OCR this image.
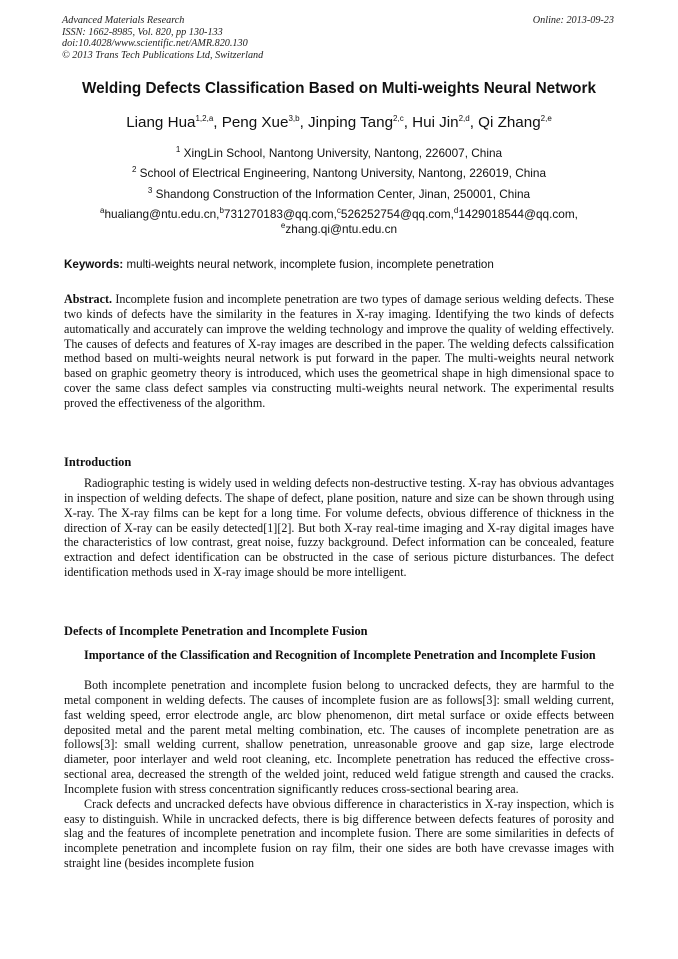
Advanced Materials Research
ISSN: 1662-8985, Vol. 820, pp 130-133
doi:10.4028/www.scientific.net/AMR.820.130
© 2013 Trans Tech Publications Ltd, Switzerland
Online: 2013-09-23
Welding Defects Classification Based on Multi-weights Neural Network
Liang Hua$^{1,2,a}$, Peng Xue$^{3,b}$, Jinping Tang$^{2,c}$, Hui Jin$^{2,d}$, Qi Zhang$^{2,e}$
$^1$ XingLin School, Nantong University, Nantong, 226007, China
$^2$ School of Electrical Engineering, Nantong University, Nantong, 226019, China
$^3$ Shandong Construction of the Information Center, Jinan, 250001, China
$^a$hualiang@ntu.edu.cn,$^b$731270183@qq.com,$^c$526252754@qq.com,$^d$1429018544@qq.com,
$^e$zhang.qi@ntu.edu.cn
Keywords: multi-weights neural network, incomplete fusion, incomplete penetration

Abstract. Incomplete fusion and incomplete penetration are two types of damage serious welding defects. These two kinds of defects have the similarity in the features in X-ray imaging. Identifying the two kinds of defects automatically and accurately can improve the welding technology and improve the quality of welding effectively. The causes of defects and features of X-ray images are described in the paper. The welding defects calssification method based on multi-weights neural network is put forward in the paper. The multi-weights neural network based on graphic geometry theory is introduced, which uses the geometrical shape in high dimensional space to cover the same class defect samples via constructing multi-weights neural network. The experimental results proved the effectiveness of the algorithm.

Introduction

Radiographic testing is widely used in welding defects non-destructive testing. X-ray has obvious advantages in inspection of welding defects. The shape of defect, plane position, nature and size can be shown through using X-ray. The X-ray films can be kept for a long time. For volume defects, obvious difference of thickness in the direction of X-ray can be easily detected[1][2]. But both X-ray real-time imaging and X-ray digital images have the characteristics of low contrast, great noise, fuzzy background. Defect information can be concealed, feature extraction and defect identification can be obstructed in the case of serious picture disturbances. The defect identification methods used in X-ray image should be more intelligent.

Defects of Incomplete Penetration and Incomplete Fusion
Importance of the Classification and Recognition of Incomplete Penetration and Incomplete Fusion

Both incomplete penetration and incomplete fusion belong to uncracked defects, they are harmful to the metal component in welding defects. The causes of incomplete fusion are as follows[3]: small welding current, fast welding speed, error electrode angle, arc blow phenomenon, dirt metal surface or oxide effects between deposited metal and the parent metal melting combination, etc. The causes of incomplete penetration are as follows[3]: small welding current, shallow penetration, unreasonable groove and gap size, large electrode diameter, poor interlayer and weld root cleaning, etc. Incomplete penetration has reduced the effective cross-sectional area, decreased the strength of the welded joint, reduced weld fatigue strength and caused the cracks. Incomplete fusion with stress concentration significantly reduces cross-sectional bearing area.

Crack defects and uncracked defects have obvious difference in characteristics in X-ray inspection, which is easy to distinguish. While in uncracked defects, there is big difference between defects features of porosity and slag and the features of incomplete penetration and incomplete fusion. There are some similarities in defects of incomplete penetration and incomplete fusion on ray film, their one sides are both have crevasse images with straight line (besides incomplete fusion
